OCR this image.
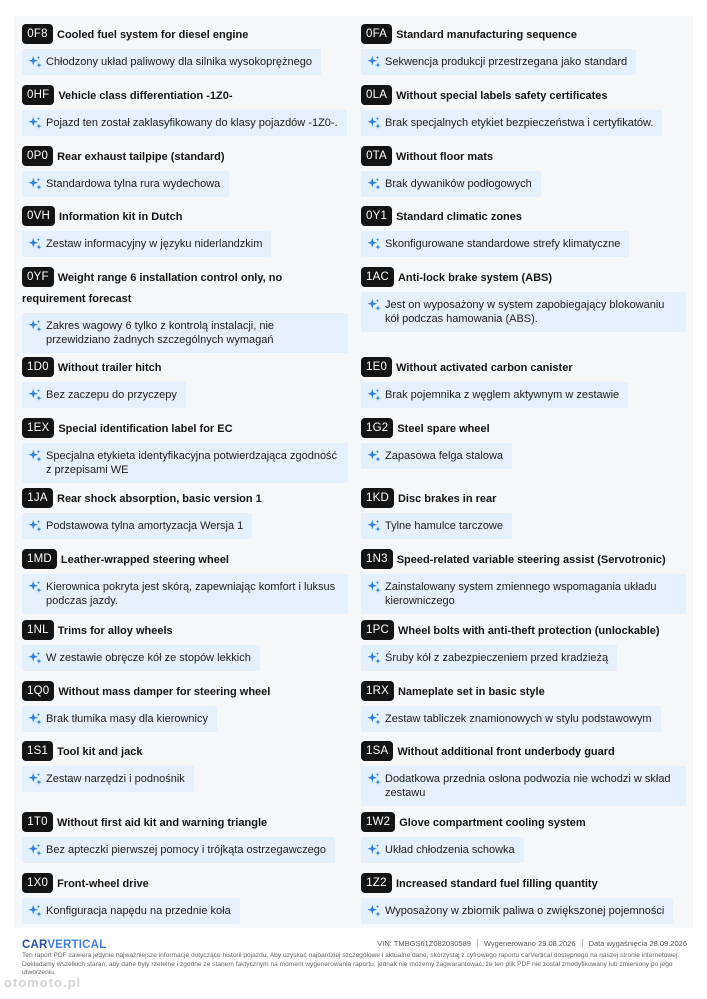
0F8 Cooled fuel system for diesel engine
Chłodzony układ paliwowy dla silnika wysokoprężnego
0FA Standard manufacturing sequence
Sekwencja produkcji przestrzegana jako standard
0HF Vehicle class differentiation -1Z0-
Pojazd ten został zaklasyfikowany do klasy pojazdów -1Z0-.
0LA Without special labels safety certificates
Brak specjalnych etykiet bezpieczeństwa i certyfikatów.
0P0 Rear exhaust tailpipe (standard)
Standardowa tylna rura wydechowa
0TA Without floor mats
Brak dywaników podłogowych
0VH Information kit in Dutch
Zestaw informacyjny w języku niderlandzkim
0Y1 Standard climatic zones
Skonfigurowane standardowe strefy klimatyczne
0YF Weight range 6 installation control only, no requirement forecast
Zakres wagowy 6 tylko z kontrolą instalacji, nie przewidziano żadnych szczególnych wymagań
1AC Anti-lock brake system (ABS)
Jest on wyposażony w system zapobiegający blokowaniu kół podczas hamowania (ABS).
1D0 Without trailer hitch
Bez zaczepu do przyczepy
1E0 Without activated carbon canister
Brak pojemnika z węglem aktywnym w zestawie
1EX Special identification label for EC
Specjalna etykieta identyfikacyjna potwierdzająca zgodność z przepisami WE
1G2 Steel spare wheel
Zapasowa felga stalowa
1JA Rear shock absorption, basic version 1
Podstawowa tylna amortyzacja Wersja 1
1KD Disc brakes in rear
Tylne hamulce tarczowe
1MD Leather-wrapped steering wheel
Kierownica pokryta jest skórą, zapewniając komfort i luksus podczas jazdy.
1N3 Speed-related variable steering assist (Servotronic)
Zainstalowany system zmiennego wspomagania układu kierowniczego
1NL Trims for alloy wheels
W zestawie obręcze kół ze stopów lekkich
1PC Wheel bolts with anti-theft protection (unlockable)
Śruby kół z zabezpieczeniem przed kradzieżą
1Q0 Without mass damper for steering wheel
Brak tłumika masy dla kierownicy
1RX Nameplate set in basic style
Zestaw tabliczek znamionowych w stylu podstawowym
1S1 Tool kit and jack
Zestaw narzędzi i podnośnik
1SA Without additional front underbody guard
Dodatkowa przednia osłona podwozia nie wchodzi w skład zestawu
1T0 Without first aid kit and warning triangle
Bez apteczki pierwszej pomocy i trójkąta ostrzegawczego
1W2 Glove compartment cooling system
Układ chłodzenia schowka
1X0 Front-wheel drive
Konfiguracja napędu na przednie koła
1Z2 Increased standard fuel filling quantity
Wyposażony w zbiornik paliwa o zwiększonej pojemności
CARVERTICAL	VIN: TMBGS61Z082030589 Wygenerowano 29.08.2026 Data wygaśnięcia 28.09.2026
Ten raport PDF zawiera jedynie najważniejsze informacje dotyczące historii pojazdu. Aby uzyskać najbardziej szczegółowe i aktualne dane, skorzystaj z cyfrowego raportu carVertical dostępnego na naszej stronie internetowej. Dokładamy wszelkich starań, aby dane były rzetelne i zgodne ze stanem faktycznym na moment wygenerowania raportu, jednak nie możemy zagwarantować, że ten plik PDF nie został zmodyfikowany lub zmieniony po jego utworzeniu.
otomoto.pl
